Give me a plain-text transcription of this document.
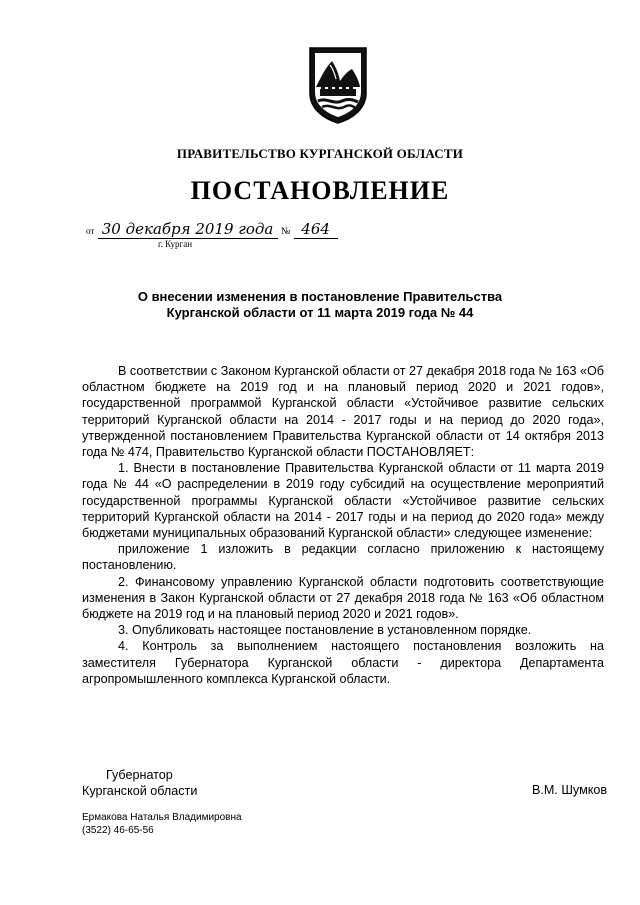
ПРАВИТЕЛЬСТВО КУРГАНСКОЙ ОБЛАСТИ
ПОСТАНОВЛЕНИЕ
от 30 декабря 2019 года № 464
г. Курган
О внесении изменения в постановление Правительства
Курганской области от 11 марта 2019 года № 44

В соответствии с Законом Курганской области от 27 декабря 2018 года № 163 «Об областном бюджете на 2019 год и на плановый период 2020 и 2021 годов», государственной программой Курганской области «Устойчивое развитие сельских территорий Курганской области на 2014 - 2017 годы и на период до 2020 года», утвержденной постановлением Правительства Курганской области от 14 октября 2013 года № 474, Правительство Курганской области ПОСТАНОВЛЯЕТ:

1. Внести в постановление Правительства Курганской области от 11 марта 2019 года № 44 «О распределении в 2019 году субсидий на осуществление мероприятий государственной программы Курганской области «Устойчивое развитие сельских территорий Курганской области на 2014 - 2017 годы и на период до 2020 года» между бюджетами муниципальных образований Курганской области» следующее изменение:

приложение 1 изложить в редакции согласно приложению к настоящему постановлению.

2. Финансовому управлению Курганской области подготовить соответствующие изменения в Закон Курганской области от 27 декабря 2018 года № 163 «Об областном бюджете на 2019 год и на плановый период 2020 и 2021 годов».

3. Опубликовать настоящее постановление в установленном порядке.

4. Контроль за выполнением настоящего постановления возложить на заместителя Губернатора Курганской области - директора Департамента агропромышленного комплекса Курганской области.

Губернатор
Курганской области	В.М. Шумков
Ермакова Наталья Владимировна
(3522) 46-65-56
